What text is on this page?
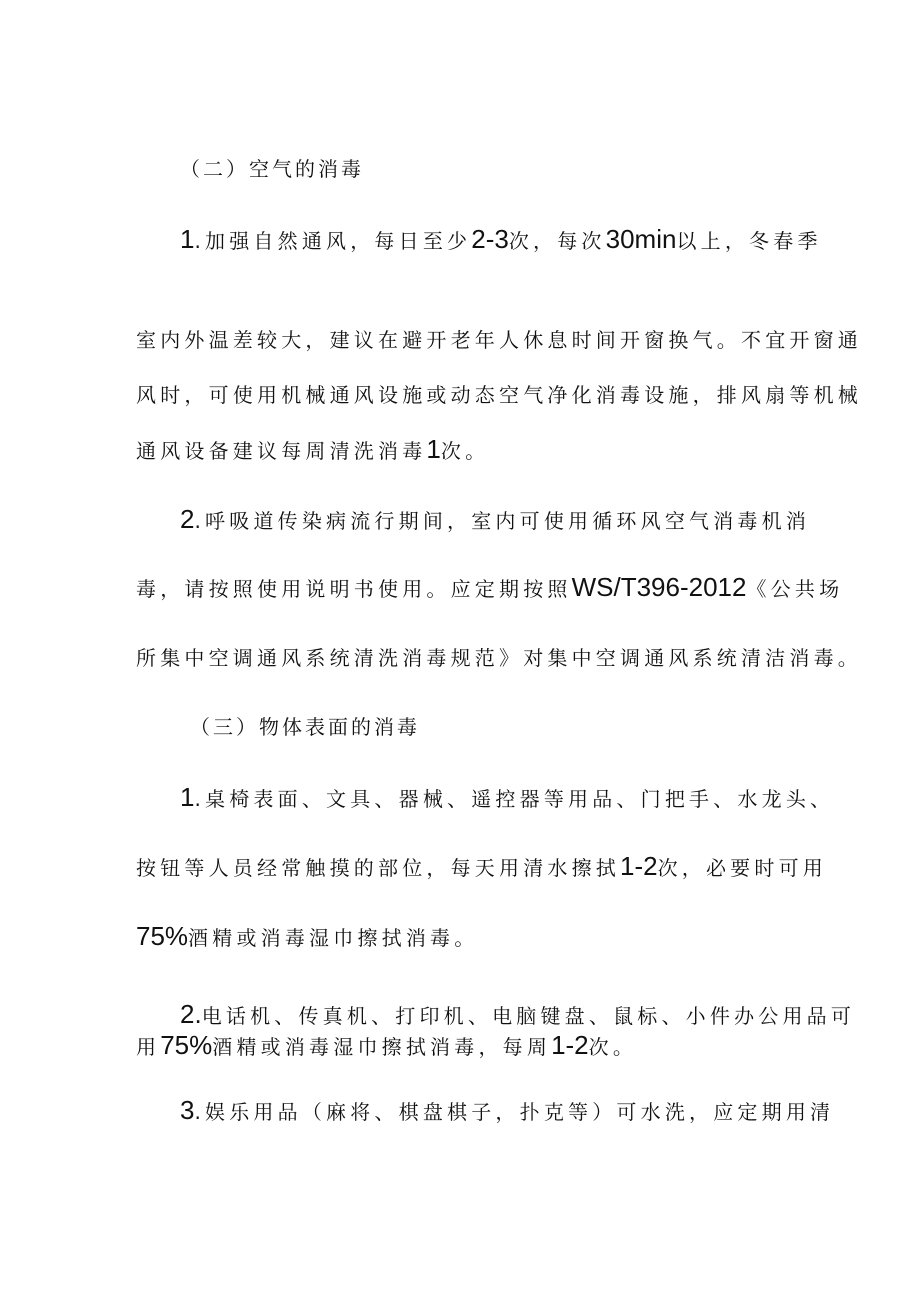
（二）空气的消毒
1.加强自然通风，每日至少2-3次，每次30min以上，冬春季
室内外温差较大，建议在避开老年人休息时间开窗换气。不宜开窗通
风时，可使用机械通风设施或动态空气净化消毒设施，排风扇等机械
通风设备建议每周清洗消毒1次。
2.呼吸道传染病流行期间，室内可使用循环风空气消毒机消
毒，请按照使用说明书使用。应定期按照WS/T396-2012《公共场
所集中空调通风系统清洗消毒规范》对集中空调通风系统清洁消毒。
（三）物体表面的消毒
1.桌椅表面、文具、器械、遥控器等用品、门把手、水龙头、
按钮等人员经常触摸的部位，每天用清水擦拭1-2次，必要时可用
75%酒精或消毒湿巾擦拭消毒。
2.电话机、传真机、打印机、电脑键盘、鼠标、小件办公用品可
用75%酒精或消毒湿巾擦拭消毒，每周1-2次。
3.娱乐用品（麻将、棋盘棋子，扑克等）可水洗，应定期用清
